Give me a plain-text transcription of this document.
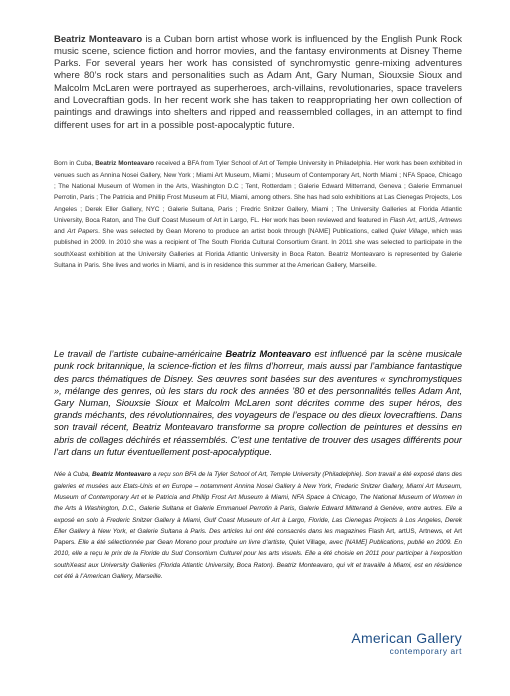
Beatriz Monteavaro is a Cuban born artist whose work is influenced by the English Punk Rock music scene, science fiction and horror movies, and the fantasy environments at Disney Theme Parks. For several years her work has consisted of synchromystic genre-mixing adventures where 80’s rock stars and personalities such as Adam Ant, Gary Numan, Siouxsie Sioux and Malcolm McLaren were portrayed as superheroes, arch-villains, revolutionaries, space travelers and Lovecraftian gods. In her recent work she has taken to reappropriating her own collection of paintings and drawings into shelters and ripped and reassembled collages, in an attempt to find different uses for art in a possible post-apocalyptic future.

Born in Cuba, Beatriz Monteavaro received a BFA from Tyler School of Art of Temple University in Philadelphia. Her work has been exhibited in venues such as Annina Nosei Gallery, New York ; Miami Art Museum, Miami ; Museum of Contemporary Art, North Miami ; NFA Space, Chicago ; The National Museum of Women in the Arts, Washington D.C ; Tent, Rotterdam ; Galerie Edward Mitterrand, Geneva ; Galerie Emmanuel Perrotin, Paris ; The Patricia and Phillip Frost Museum at FIU, Miami, among others. She has had solo exhibitions at Las Cienegas Projects, Los Angeles ; Derek Eller Gallery, NYC ; Galerie Sultana, Paris ; Fredric Snitzer Gallery, Miami ; The University Galleries at Florida Atlantic University, Boca Raton, and The Gulf Coast Museum of Art in Largo, FL. Her work has been reviewed and featured in Flash Art, artUS, Artnews and Art Papers. She was selected by Gean Moreno to produce an artist book through [NAME] Publications, called Quiet Village, which was published in 2009. In 2010 she was a recipient of The South Florida Cultural Consortium Grant. In 2011 she was selected to participate in the southXeast exhibition at the University Galleries at Florida Atlantic University in Boca Raton. Beatriz Monteavaro is represented by Galerie Sultana in Paris. She lives and works in Miami, and is in residence this summer at the American Gallery, Marseille.

Le travail de l’artiste cubaine-américaine Beatriz Monteavaro est influencé par la scène musicale punk rock britannique, la science-fiction et les films d’horreur, mais aussi par l’ambiance fantastique des parcs thématiques de Disney. Ses œuvres sont basées sur des aventures « synchromystiques », mélange des genres, où les stars du rock des années ’80 et des personnalités telles Adam Ant, Gary Numan, Siouxsie Sioux et Malcolm McLaren sont décrites comme des super héros, des grands méchants, des révolutionnaires, des voyageurs de l’espace ou des dieux lovecraftiens. Dans son travail récent, Beatriz Monteavaro transforme sa propre collection de peintures et dessins en abris de collages déchirés et réassemblés. C’est une tentative de trouver des usages différents pour l’art dans un futur éventuellement post-apocalyptique.

Née à Cuba, Beatriz Monteavaro a reçu son BFA de la Tyler School of Art, Temple University (Philadelphie). Son travail a été exposé dans des galeries et musées aux Etats-Unis et en Europe – notamment Annina Nosei Gallery à New York, Frederic Snitzer Gallery, Miami Art Museum, Museum of Contemporary Art et le Patricia and Phillip Frost Art Museum à Miami, NFA Space à Chicago, The National Museum of Women in the Arts à Washington, D.C., Galerie Sultana et Galerie Emmanuel Perrotin à Paris, Galerie Edward Mitterand à Genève, entre autres. Elle a exposé en solo à Frederic Snitzer Gallery à Miami, Gulf Coast Museum of Art à Largo, Floride, Las Cienegas Projects à Los Angeles, Derek Eller Gallery à New York, et Galerie Sultana à Paris. Des articles lui ont été consacrés dans les magazines Flash Art, artUS, Artnews, et Art Papers. Elle a été sélectionnée par Gean Moreno pour produire un livre d’artiste, Quiet Village, avec [NAME] Publications, publié en 2009. En 2010, elle a reçu le prix de la Floride du Sud Consortium Culturel pour les arts visuels. Elle a été choisie en 2011 pour participer à l’exposition southXeast aux University Galleries (Florida Atlantic University, Boca Raton). Beatriz Monteavaro, qui vit et travaille à Miami, est en résidence cet été à l’American Gallery, Marseille.

American Gallery
contemporary art
